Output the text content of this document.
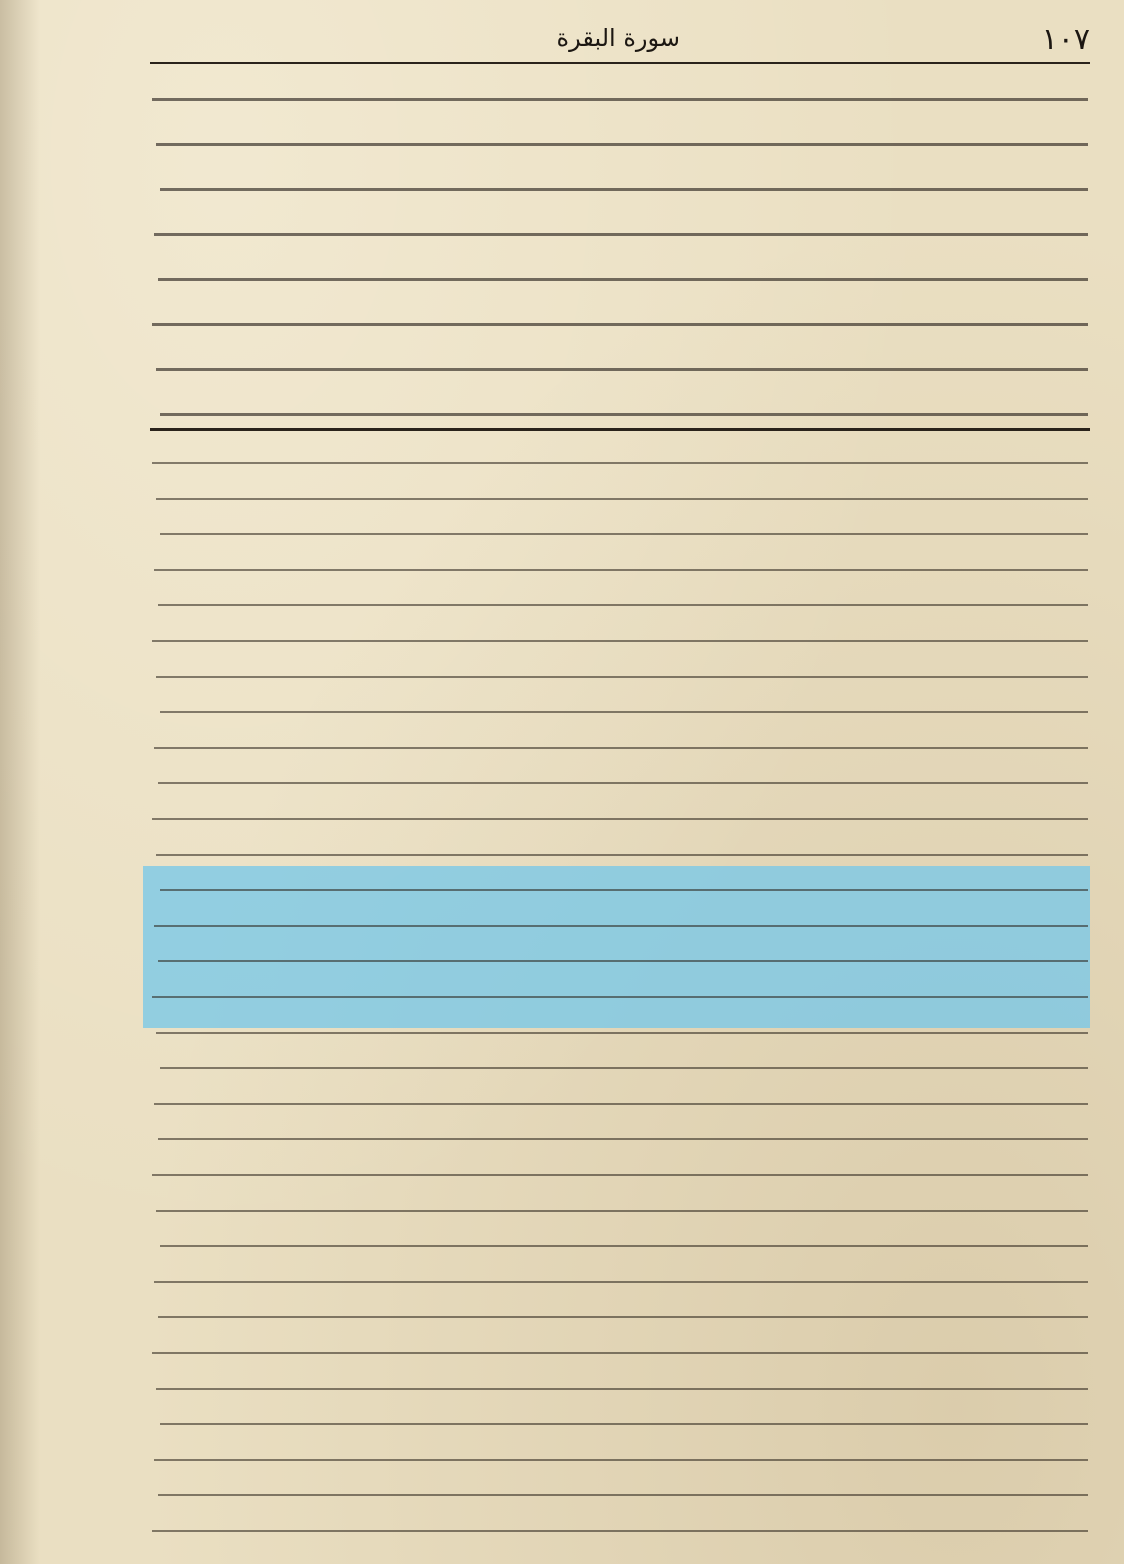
١٠٧
سورة البقرة
